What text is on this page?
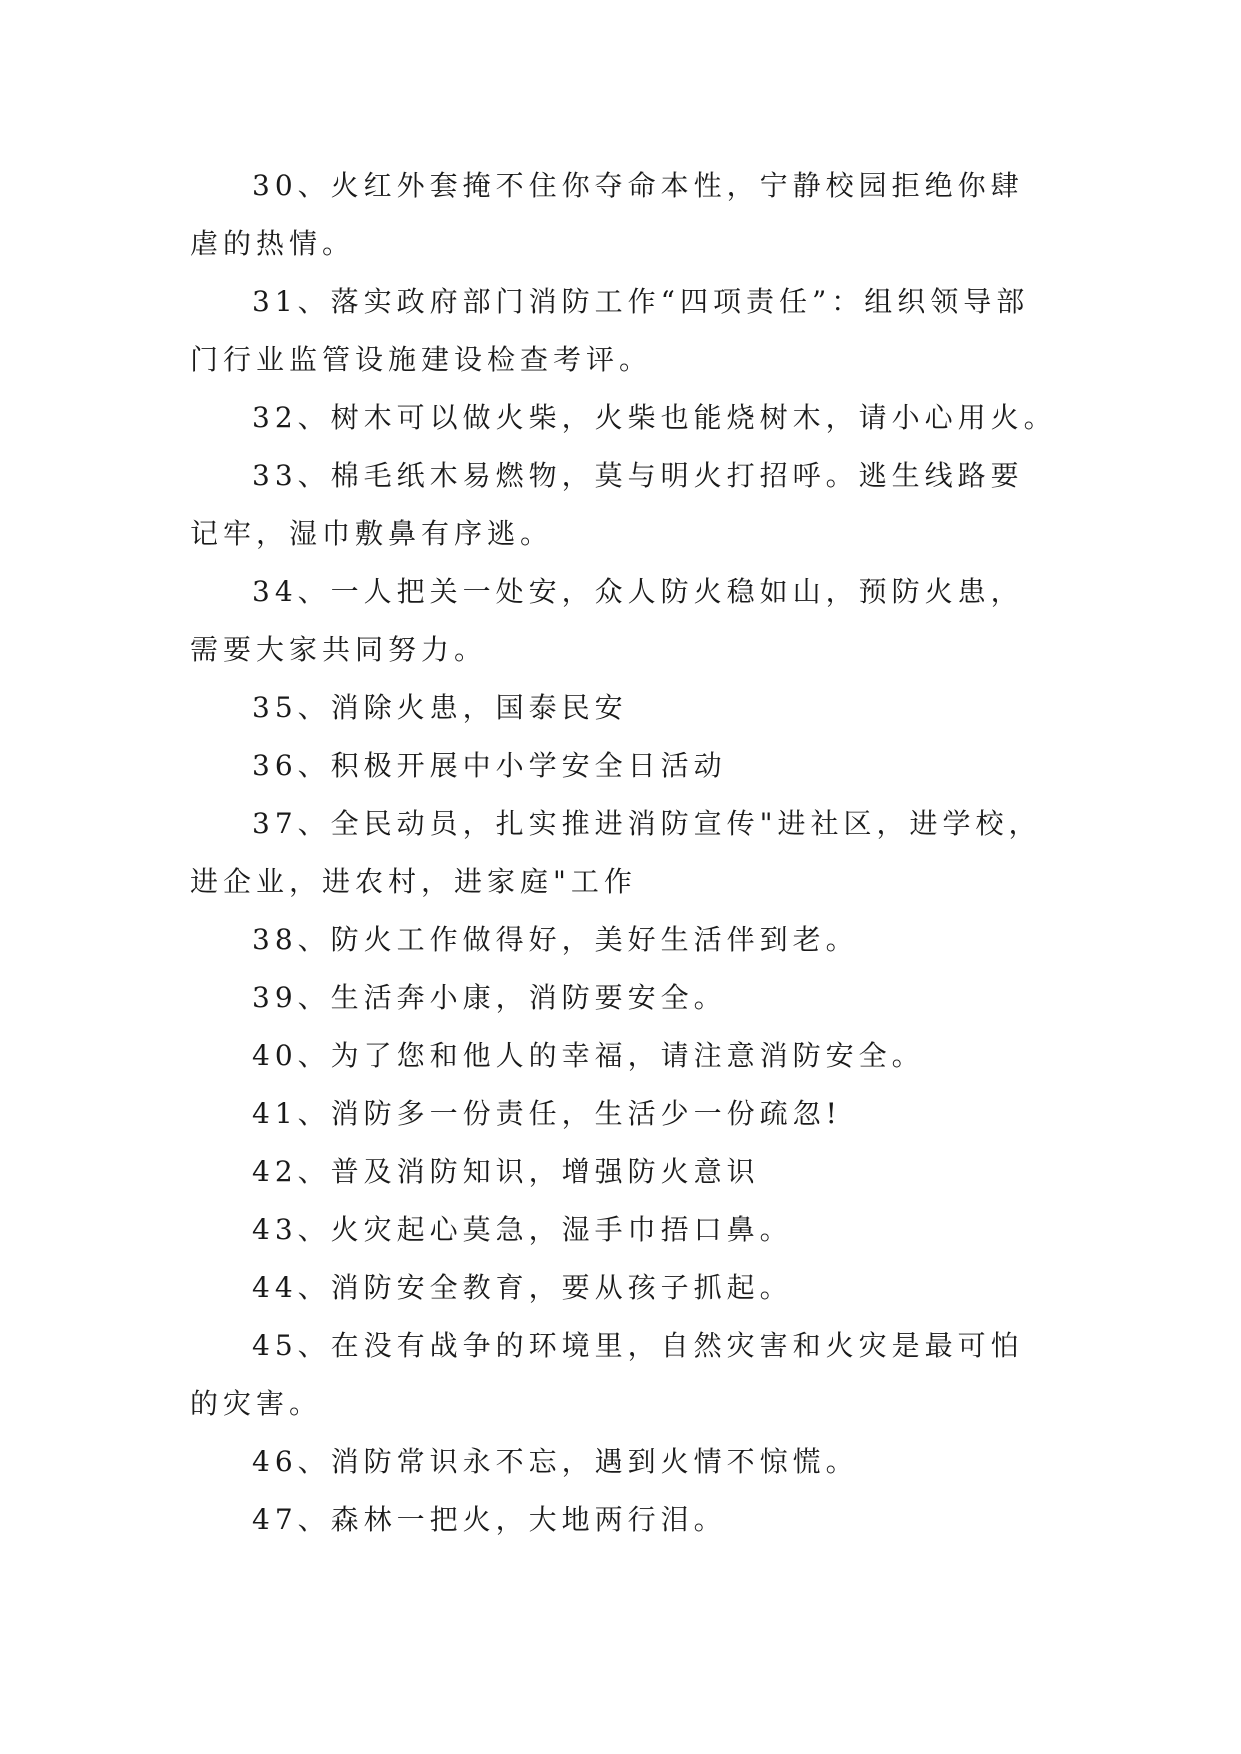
30、火红外套掩不住你夺命本性，宁静校园拒绝你肆虐的热情。

31、落实政府部门消防工作“四项责任”：组织领导部门行业监管设施建设检查考评。

32、树木可以做火柴，火柴也能烧树木，请小心用火。

33、棉毛纸木易燃物，莫与明火打招呼。逃生线路要记牢，湿巾敷鼻有序逃。

34、一人把关一处安，众人防火稳如山，预防火患，需要大家共同努力。

35、消除火患，国泰民安

36、积极开展中小学安全日活动

37、全民动员，扎实推进消防宣传"进社区，进学校，进企业，进农村，进家庭"工作

38、防火工作做得好，美好生活伴到老。

39、生活奔小康，消防要安全。

40、为了您和他人的幸福，请注意消防安全。

41、消防多一份责任，生活少一份疏忽!

42、普及消防知识，增强防火意识

43、火灾起心莫急，湿手巾捂口鼻。

44、消防安全教育，要从孩子抓起。

45、在没有战争的环境里，自然灾害和火灾是最可怕的灾害。

46、消防常识永不忘，遇到火情不惊慌。

47、森林一把火，大地两行泪。
